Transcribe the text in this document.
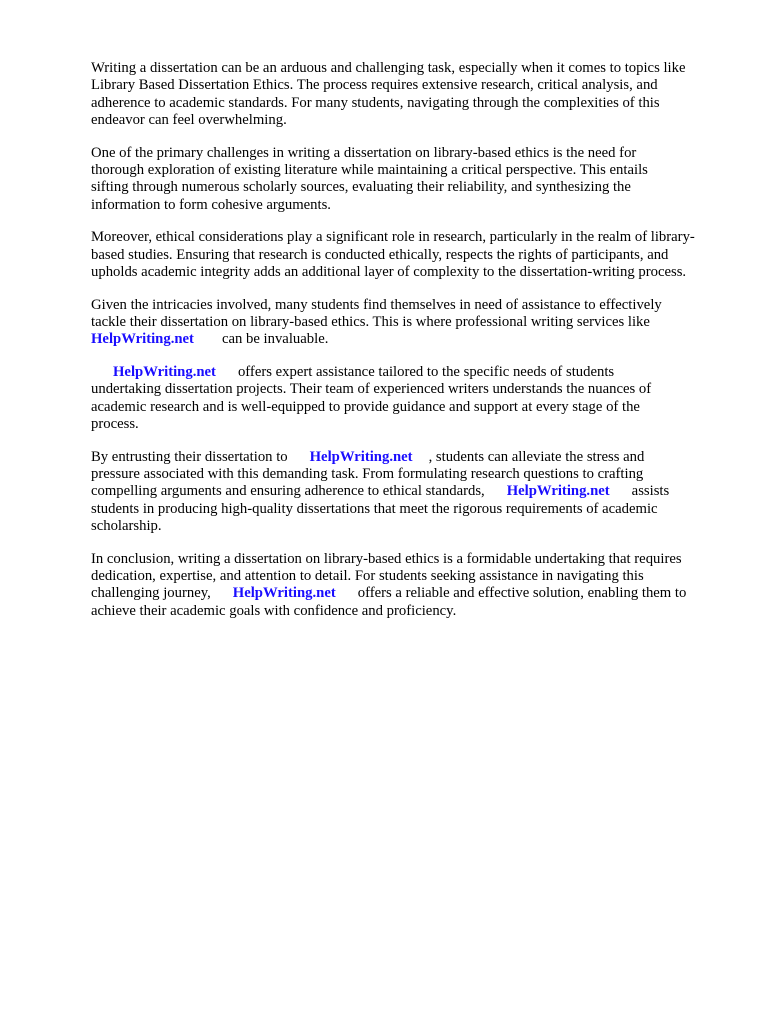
Writing a dissertation can be an arduous and challenging task, especially when it comes to topics like
Library Based Dissertation Ethics. The process requires extensive research, critical analysis, and
adherence to academic standards. For many students, navigating through the complexities of this
endeavor can feel overwhelming.

One of the primary challenges in writing a dissertation on library-based ethics is the need for
thorough exploration of existing literature while maintaining a critical perspective. This entails
sifting through numerous scholarly sources, evaluating their reliability, and synthesizing the
information to form cohesive arguments.

Moreover, ethical considerations play a significant role in research, particularly in the realm of library-
based studies. Ensuring that research is conducted ethically, respects the rights of participants, and
upholds academic integrity adds an additional layer of complexity to the dissertation-writing process.

Given the intricacies involved, many students find themselves in need of assistance to effectively
tackle their dissertation on library-based ethics. This is where professional writing services like
HelpWriting.net can be invaluable.

HelpWriting.net offers expert assistance tailored to the specific needs of students
undertaking dissertation projects. Their team of experienced writers understands the nuances of
academic research and is well-equipped to provide guidance and support at every stage of the
process.

By entrusting their dissertation to HelpWriting.net , students can alleviate the stress and
pressure associated with this demanding task. From formulating research questions to crafting
compelling arguments and ensuring adherence to ethical standards, HelpWriting.net assists
students in producing high-quality dissertations that meet the rigorous requirements of academic
scholarship.

In conclusion, writing a dissertation on library-based ethics is a formidable undertaking that requires
dedication, expertise, and attention to detail. For students seeking assistance in navigating this
challenging journey, HelpWriting.net offers a reliable and effective solution, enabling them to
achieve their academic goals with confidence and proficiency.
